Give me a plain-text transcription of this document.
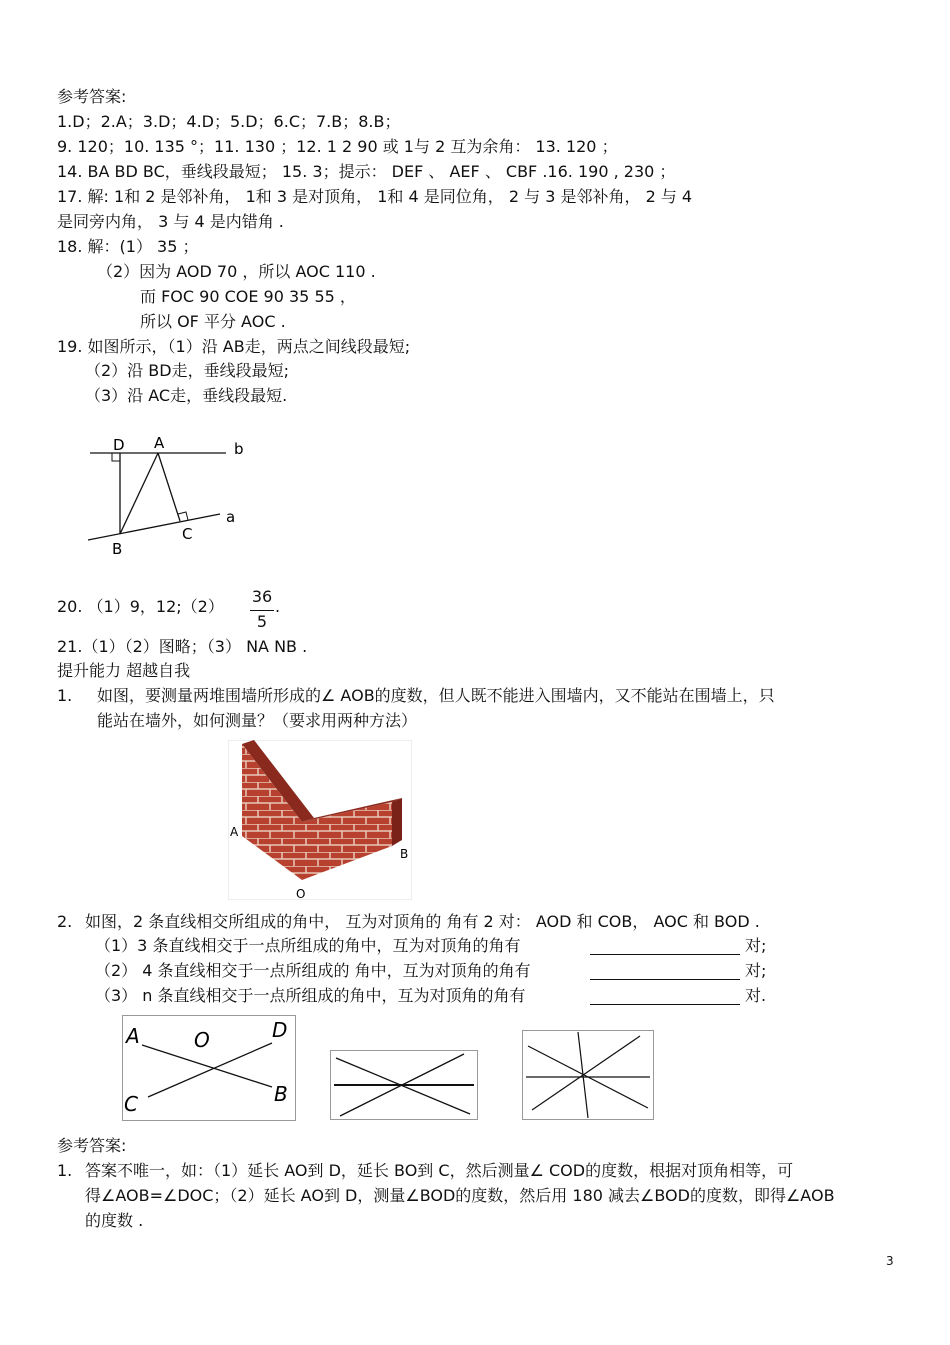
参考答案:
1.D；2.A；3.D；4.D；5.D；6.C；7.B；8.B；
9. 120；10. 135 °；11. 130 ；12. 1 2 90 或 1与 2 互为余角： 13. 120 ；
14. BA BD BC，垂线段最短； 15. 3；提示： DEF 、 AEF 、 CBF .16. 190 , 230 ；
17. 解: 1和 2 是邻补角， 1和 3 是对顶角， 1和 4 是同位角， 2 与 3 是邻补角， 2 与 4
是同旁内角， 3 与 4 是内错角 .
18. 解：(1） 35 ；
（2）因为 AOD 70 ，所以 AOC 110 .
而 FOC 90 COE 90 35 55 ，
所以 OF 平分 AOC .
19. 如图所示，（1）沿 AB走，两点之间线段最短;
（2）沿 BD走，垂线段最短;
（3）沿 AC走，垂线段最短.
D A	b
a
B
C
20. （1）9，12;（2）
36
5
.
21.（1）（2）图略；（3） NA NB .
提升能力 超越自我
1. 如图，要测量两堆围墙所形成的∠ AOB的度数，但人既不能进入围墙内，又不能站在围墙上，只
能站在墙外，如何测量？（要求用两种方法）
A
B
O
2. 如图，2 条直线相交所组成的角中， 互为对顶角的 角有 2 对： AOD 和 COB， AOC 和 BOD .
（1）3 条直线相交于一点所组成的角中，互为对顶角的角有	对;
（2） 4 条直线相交于一点所组成的 角中，互为对顶角的角有	对;
（3） n 条直线相交于一点所组成的角中，互为对顶角的角有	对.
A	O	D
C	B
参考答案:
1. 答案不唯一，如：（1）延长 AO到 D，延长 BO到 C，然后测量∠ COD的度数，根据对顶角相等，可
得∠AOB=∠DOC；（2）延长 AO到 D，测量∠BOD的度数，然后用 180 减去∠BOD的度数，即得∠AOB
的度数 .
3
